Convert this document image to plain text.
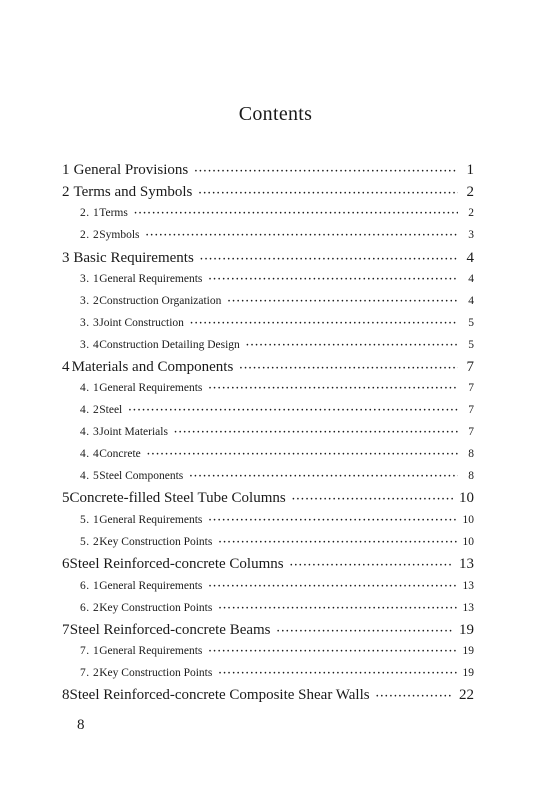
Contents
1 General Provisions ·····	1
2 Terms and Symbols ·····	2
2. 1 Terms ·····	2
2. 2 Symbols ·····	3
3 Basic Requirements ·····	4
3. 1 General Requirements ·····	4
3. 2 Construction Organization ·····	4
3. 3 Joint Construction ·····	5
3. 4 Construction Detailing Design ·····	5
4 Materials and Components ·····	7
4. 1 General Requirements ·····	7
4. 2 Steel ·····	7
4. 3 Joint Materials ·····	7
4. 4 Concrete ·····	8
4. 5 Steel Components ·····	8
5 Concrete-filled Steel Tube Columns ·····	10
5. 1 General Requirements ·····	10
5. 2 Key Construction Points ·····	10
6 Steel Reinforced-concrete Columns ·····	13
6. 1 General Requirements ·····	13
6. 2 Key Construction Points ·····	13
7 Steel Reinforced-concrete Beams ·····	19
7. 1 General Requirements ·····	19
7. 2 Key Construction Points ·····	19
8 Steel Reinforced-concrete Composite Shear Walls ·····	22
8
